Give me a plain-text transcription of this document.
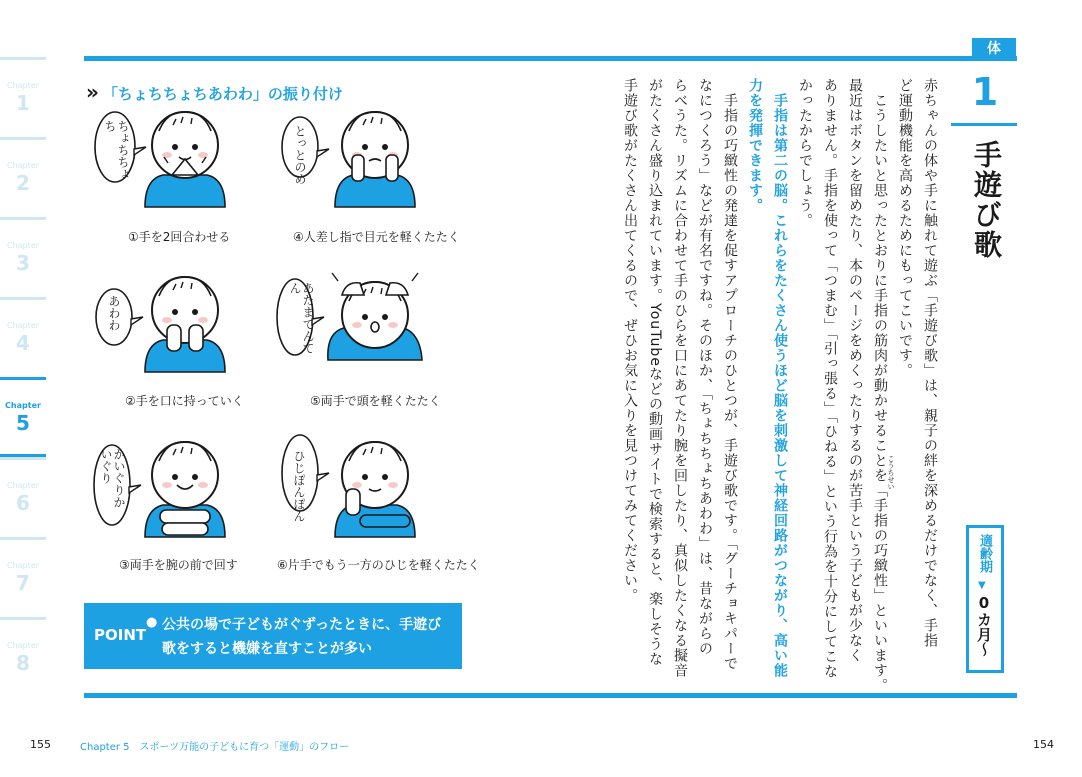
Chapter
1
Chapter
2
Chapter
3
Chapter
4
Chapter
5
Chapter
6
Chapter
7
Chapter
8
体
» 「ちょちちょちあわわ」の振り付け
ちょちちょち	とっとのめ
あわわ	あたまてんてん
かいぐりかいぐり	ひじぽんぽん
①手を2回合わせる	④人差し指で目元を軽くたたく
②手を口に持っていく	⑤両手で頭を軽くたたく
③両手を腕の前で回す	⑥片手でもう一方のひじを軽くたたく
POINT
● 公共の場で子どもがぐずったときに、手遊び
歌をすると機嫌を直すことが多い
1
手遊び歌
適齢期
▼
0カ月〜
赤ちゃんの体や手に触れて遊ぶ「手遊び歌」は、親子の絆を深めるだけでなく、手指
ど運動機能を高めるためにもってこいです。
こうしたいと思ったとおりに手指の筋肉が動かせることを「手指の巧緻性」といいます。
最近はボタンを留めたり、本のページをめくったりするのが苦手という子どもが少なく
ありません。手指を使って「つまむ」「引っ張る」「ひねる」という行為を十分にしてこな
かったからでしょう。
手指は第二の脳。これらをたくさん使うほど脳を刺激して神経回路がつながり、高い能
力を発揮できます。
手指の巧緻性の発達を促すアプローチのひとつが、手遊び歌です。「グーチョキパーで
なにつくろう」などが有名ですね。そのほか、「ちょちちょちあわわ」は、昔ながらの
らべうた。リズムに合わせて手のひらを口にあてたり腕を回したり、真似したくなる擬音
がたくさん盛り込まれています。YouTubeなどの動画サイトで検索すると、楽しそうな
手遊び歌がたくさん出てくるので、ぜひお気に入りを見つけてみてください。	こうちせい
155	Chapter 5 スポーツ万能の子どもに育つ「運動」のフロー	154
